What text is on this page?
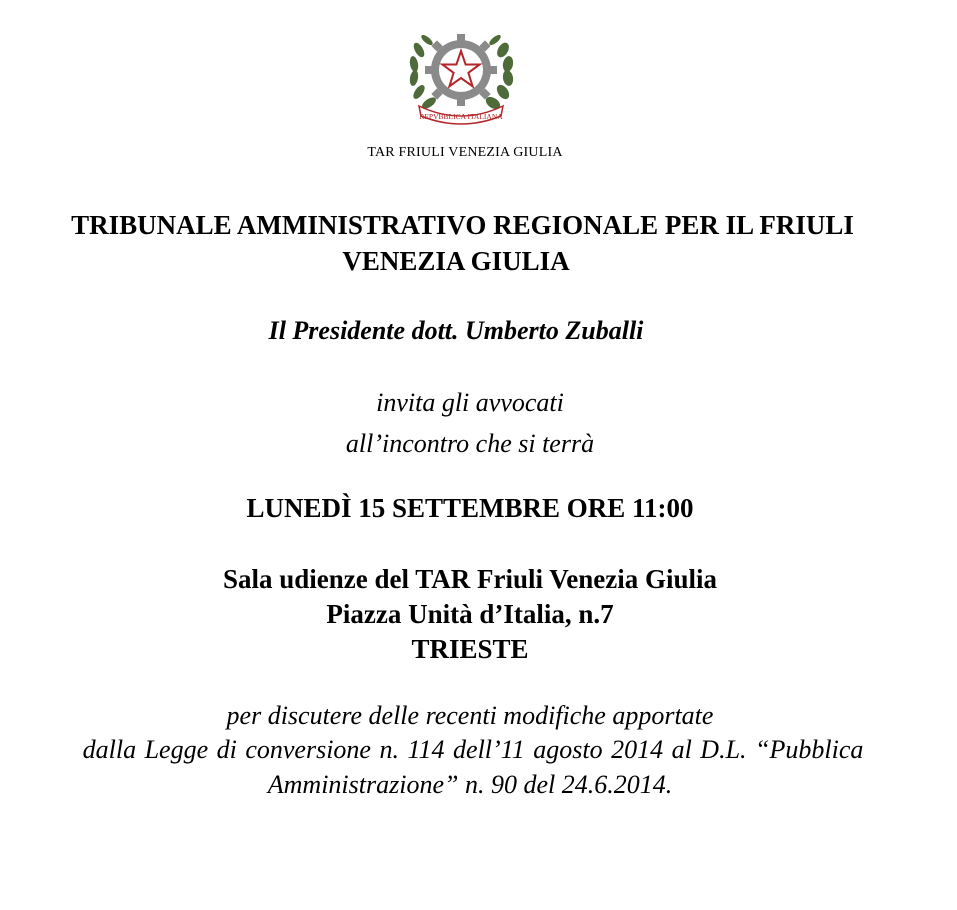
REPVBBLICA ITALIANA
TAR FRIULI VENEZIA GIULIA
TRIBUNALE AMMINISTRATIVO REGIONALE PER IL FRIULI
VENEZIA GIULIA
Il Presidente dott. Umberto Zuballi
invita gli avvocati
all’incontro che si terrà
LUNEDÌ 15 SETTEMBRE ORE 11:00
Sala udienze del TAR Friuli Venezia Giulia
Piazza Unità d’Italia, n.7
TRIESTE
per discutere delle recenti modifiche apportate
dalla Legge di conversione n. 114 dell’11 agosto 2014 al D.L. “Pubblica
Amministrazione” n. 90 del 24.6.2014.
